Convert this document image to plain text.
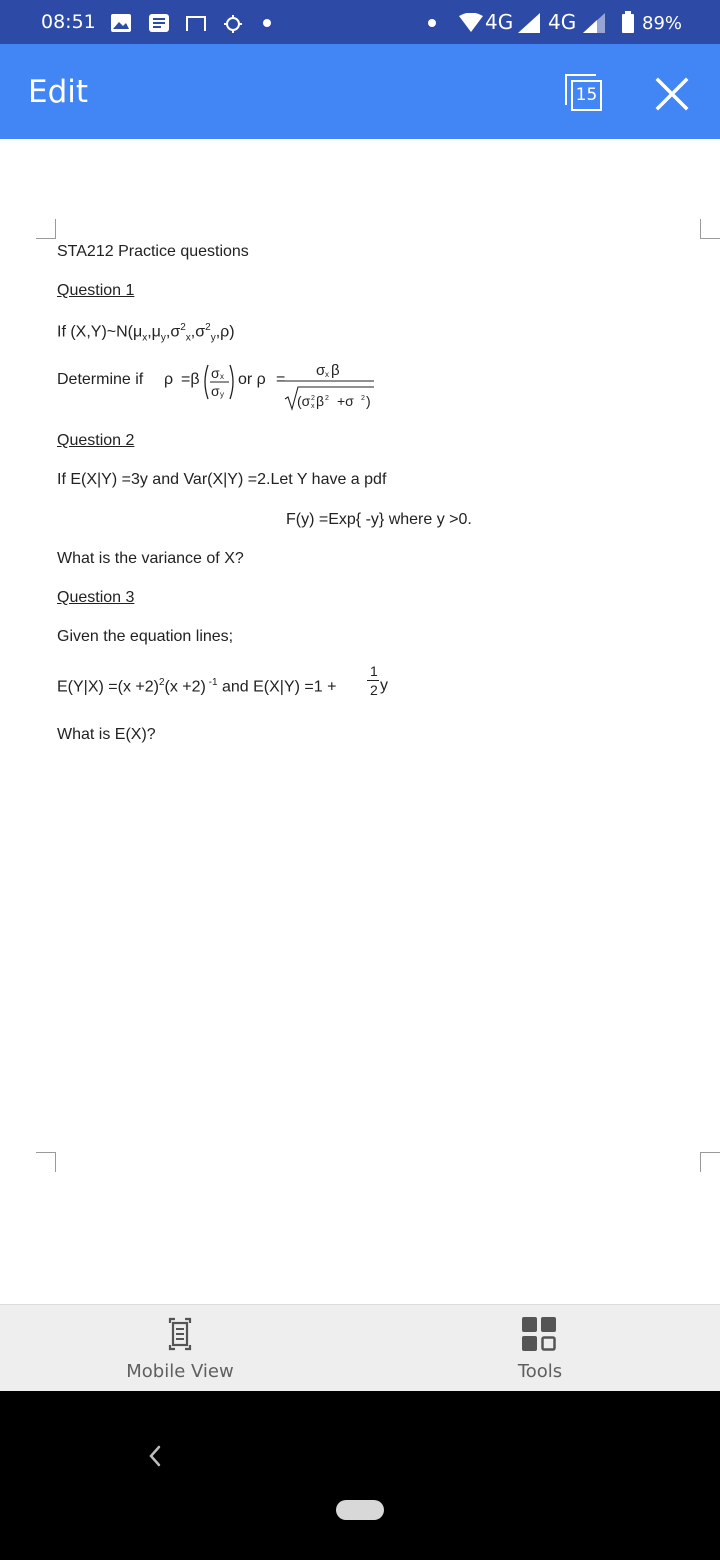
08:51	4G 4G	89%
Edit	15
STA212 Practice questions
Question 1
If $(X,Y)\sim N(\mu_x,\mu_y,\sigma^2_x,\sigma^2_y,\rho)$
Determine if ρ =β σ x
σ y
or ρ =
σ x β
(σ 2
x β 2 +σ 2 )
Question 2
If E(X|Y) =3y and Var(X|Y) =2.Let Y have a pdf
F(y) =Exp{ -y} where y >0.
What is the variance of X?
Question 3
Given the equation lines;
$E(Y|X) =(x +2)^2(x +2)$ $^{-1}$ and E(X|Y) =1 +
1
2 y
What is E(X)?
Mobile View	Tools
